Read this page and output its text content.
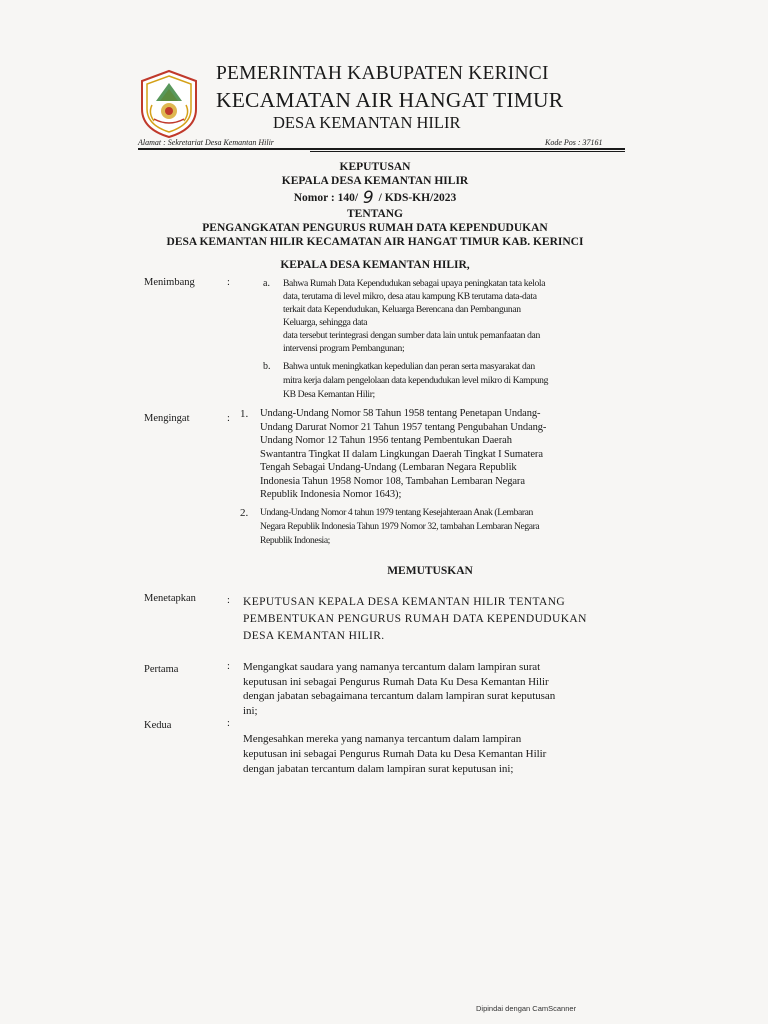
PEMERINTAH KABUPATEN KERINCI
KECAMATAN AIR HANGAT TIMUR
DESA KEMANTAN HILIR
Alamat : Sekretariat Desa Kemantan Hilir	Kode Pos : 37161
KEPUTUSAN
KEPALA DESA KEMANTAN HILIR
Nomor : 140/ 9 / KDS-KH/2023
TENTANG
PENGANGKATAN PENGURUS RUMAH DATA KEPENDUDUKAN
DESA KEMANTAN HILIR KECAMATAN AIR HANGAT TIMUR KAB. KERINCI
KEPALA DESA KEMANTAN HILIR,
Menimbang	:	a. Bahwa Rumah Data Kependudukan sebagai upaya peningkatan tata kelola
data, terutama di level mikro, desa atau kampung KB terutama data-data
terkait data Kependudukan, Keluarga Berencana dan Pembangunan
Keluarga, sehingga data
data tersebut terintegrasi dengan sumber data lain untuk pemanfaatan dan
intervensi program Pembangunan;
b. Bahwa untuk meningkatkan kepedulian dan peran serta masyarakat dan
mitra kerja dalam pengelolaan data kependudukan level mikro di Kampung
KB Desa Kemantan Hilir;
Mengingat	: 1. Undang-Undang Nomor 58 Tahun 1958 tentang Penetapan Undang-
Undang Darurat Nomor 21 Tahun 1957 tentang Pengubahan Undang-
Undang Nomor 12 Tahun 1956 tentang Pembentukan Daerah
Swantantra Tingkat II dalam Lingkungan Daerah Tingkat I Sumatera
Tengah Sebagai Undang-Undang (Lembaran Negara Republik
Indonesia Tahun 1958 Nomor 108, Tambahan Lembaran Negara
Republik Indonesia Nomor 1643);
2. Undang-Undang Nomor 4 tahun 1979 tentang Kesejahteraan Anak (Lembaran
Negara Republik Indonesia Tahun 1979 Nomor 32, tambahan Lembaran Negara
Republik Indonesia;
MEMUTUSKAN
Menetapkan	: KEPUTUSAN KEPALA DESA KEMANTAN HILIR TENTANG
PEMBENTUKAN PENGURUS RUMAH DATA KEPENDUDUKAN
DESA KEMANTAN HILIR.
Pertama	: Mengangkat saudara yang namanya tercantum dalam lampiran surat
keputusan ini sebagai Pengurus Rumah Data Ku Desa Kemantan Hilir
dengan jabatan sebagaimana tercantum dalam lampiran surat keputusan
ini;
Kedua	:
Mengesahkan mereka yang namanya tercantum dalam lampiran
keputusan ini sebagai Pengurus Rumah Data ku Desa Kemantan Hilir
dengan jabatan tercantum dalam lampiran surat keputusan ini;
Dipindai dengan CamScanner
